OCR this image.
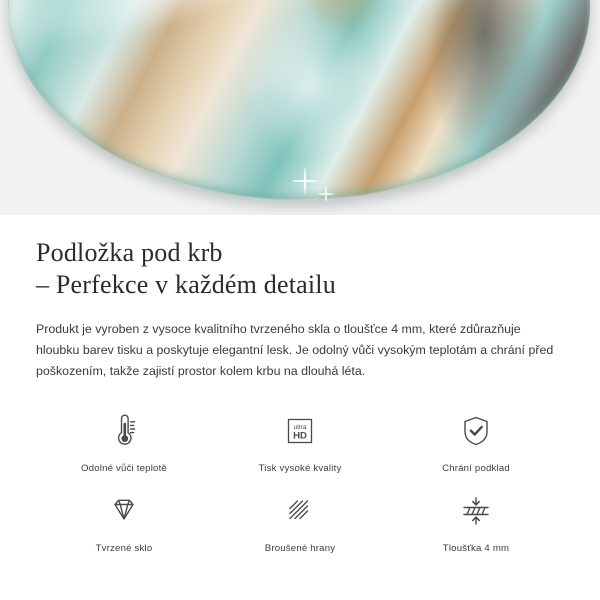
Podložka pod krb
– Perfekce v každém detailu

Produkt je vyroben z vysoce kvalitního tvrzeného skla o tloušťce 4 mm, které zdůrazňuje hloubku barev tisku a poskytuje elegantní lesk. Je odolný vůči vysokým teplotám a chrání před poškozením, takže zajistí prostor kolem krbu na dlouhá léta.

Odolné vůči teplotě
ultra
HD
Tisk vysoké kvality	Chrání podklad
Tvrzené sklo	Broušené hrany	Tloušťka 4 mm
